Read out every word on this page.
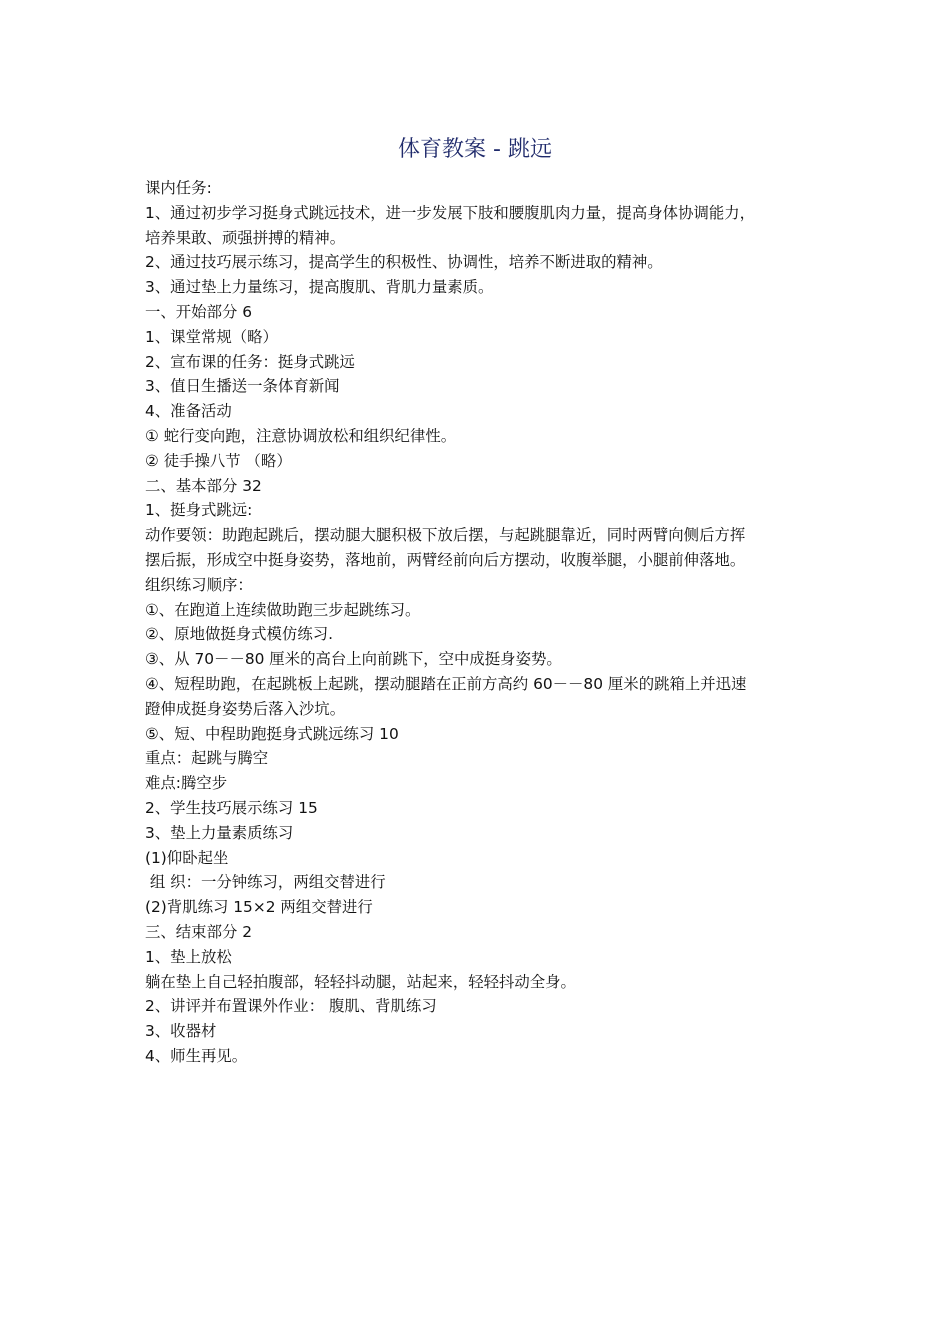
体育教案 - 跳远

课内任务:

1、通过初步学习挺身式跳远技术，进一步发展下肢和腰腹肌肉力量，提高身体协调能力，

培养果敢、顽强拼搏的精神。

2、通过技巧展示练习，提高学生的积极性、协调性，培养不断进取的精神。

3、通过垫上力量练习，提高腹肌、背肌力量素质。

一、开始部分 6

1、课堂常规（略）

2、宣布课的任务：挺身式跳远

3、值日生播送一条体育新闻

4、准备活动

① 蛇行变向跑，注意协调放松和组织纪律性。

② 徒手操八节 （略）

二、基本部分 32

1、挺身式跳远:

动作要领：助跑起跳后，摆动腿大腿积极下放后摆，与起跳腿靠近，同时两臂向侧后方挥

摆后振，形成空中挺身姿势，落地前，两臂经前向后方摆动，收腹举腿，小腿前伸落地。

组织练习顺序：

①、在跑道上连续做助跑三步起跳练习。

②、原地做挺身式模仿练习.

③、从 70－－80 厘米的高台上向前跳下，空中成挺身姿势。

④、短程助跑，在起跳板上起跳，摆动腿踏在正前方高约 60－－80 厘米的跳箱上并迅速

蹬伸成挺身姿势后落入沙坑。

⑤、短、中程助跑挺身式跳远练习 10

重点：起跳与腾空

难点:腾空步

2、学生技巧展示练习 15

3、垫上力量素质练习

(1)仰卧起坐

组 织：一分钟练习，两组交替进行

(2)背肌练习 15×2 两组交替进行

三、结束部分 2

1、垫上放松

躺在垫上自己轻拍腹部，轻轻抖动腿，站起来，轻轻抖动全身。

2、讲评并布置课外作业： 腹肌、背肌练习

3、收器材

4、师生再见。
